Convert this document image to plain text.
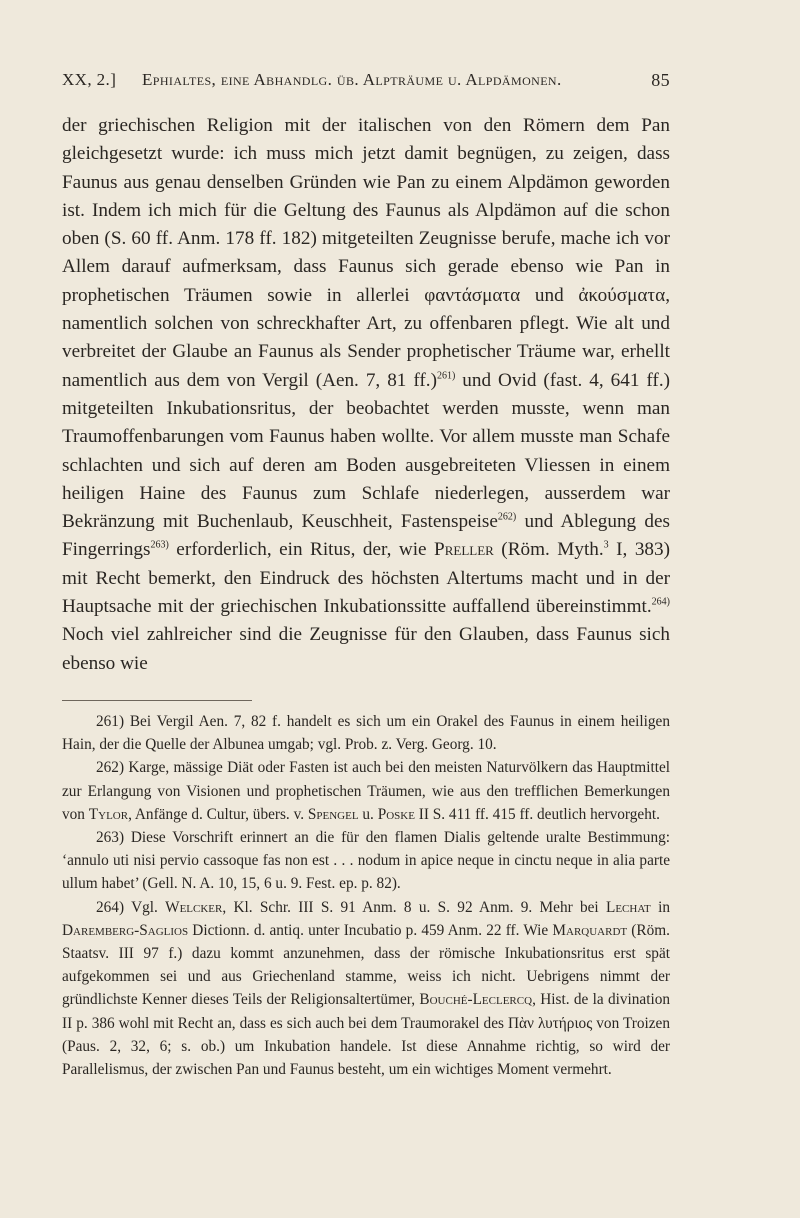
XX, 2.] Ephialtes, eine Abhandlg. üb. Alpträume u. Alpdämonen.	85

der griechischen Religion mit der italischen von den Römern dem Pan gleichgesetzt wurde: ich muss mich jetzt damit begnügen, zu zeigen, dass Faunus aus genau denselben Gründen wie Pan zu einem Alpdämon geworden ist. Indem ich mich für die Geltung des Faunus als Alpdämon auf die schon oben (S. 60 ff. Anm. 178 ff. 182) mitgeteilten Zeugnisse berufe, mache ich vor Allem darauf aufmerksam, dass Faunus sich gerade ebenso wie Pan in prophetischen Träumen sowie in allerlei φαντάσματα und ἀκούσματα, namentlich solchen von schreckhafter Art, zu offenbaren pflegt. Wie alt und verbreitet der Glaube an Faunus als Sender prophetischer Träume war, erhellt namentlich aus dem von Vergil (Aen. 7, 81 ff.)$^{261)}$ und Ovid (fast. 4, 641 ff.) mitgeteilten Inkubationsritus, der beobachtet werden musste, wenn man Traumoffenbarungen vom Faunus haben wollte. Vor allem musste man Schafe schlachten und sich auf deren am Boden ausgebreiteten Vliessen in einem heiligen Haine des Faunus zum Schlafe niederlegen, ausserdem war Bekränzung mit Buchenlaub, Keuschheit, Fastenspeise$^{262)}$ und Ablegung des Fingerrings$^{263)}$ erforderlich, ein Ritus, der, wie Preller (Röm. Myth.$^3$ I, 383) mit Recht bemerkt, den Eindruck des höchsten Altertums macht und in der Hauptsache mit der griechischen Inkubationssitte auffallend übereinstimmt.$^{264)}$ Noch viel zahlreicher sind die Zeugnisse für den Glauben, dass Faunus sich ebenso wie

261) Bei Vergil Aen. 7, 82 f. handelt es sich um ein Orakel des Faunus in einem heiligen Hain, der die Quelle der Albunea umgab; vgl. Prob. z. Verg. Georg. 10.

262) Karge, mässige Diät oder Fasten ist auch bei den meisten Naturvölkern das Hauptmittel zur Erlangung von Visionen und prophetischen Träumen, wie aus den trefflichen Bemerkungen von Tylor, Anfänge d. Cultur, übers. v. Spengel u. Poske II S. 411 ff. 415 ff. deutlich hervorgeht.

263) Diese Vorschrift erinnert an die für den flamen Dialis geltende uralte Bestimmung: ‘annulo uti nisi pervio cassoque fas non est . . . nodum in apice neque in cinctu neque in alia parte ullum habet’ (Gell. N. A. 10, 15, 6 u. 9. Fest. ep. p. 82).

264) Vgl. Welcker, Kl. Schr. III S. 91 Anm. 8 u. S. 92 Anm. 9. Mehr bei Lechat in Daremberg-Saglios Dictionn. d. antiq. unter Incubatio p. 459 Anm. 22 ff. Wie Marquardt (Röm. Staatsv. III 97 f.) dazu kommt anzunehmen, dass der römische Inkubationsritus erst spät aufgekommen sei und aus Griechenland stamme, weiss ich nicht. Uebrigens nimmt der gründlichste Kenner dieses Teils der Religionsaltertümer, Bouché-Leclercq, Hist. de la divination II p. 386 wohl mit Recht an, dass es sich auch bei dem Traumorakel des Πὰν λυτήριος von Troizen (Paus. 2, 32, 6; s. ob.) um Inkubation handele. Ist diese Annahme richtig, so wird der Parallelismus, der zwischen Pan und Faunus besteht, um ein wichtiges Moment vermehrt.
